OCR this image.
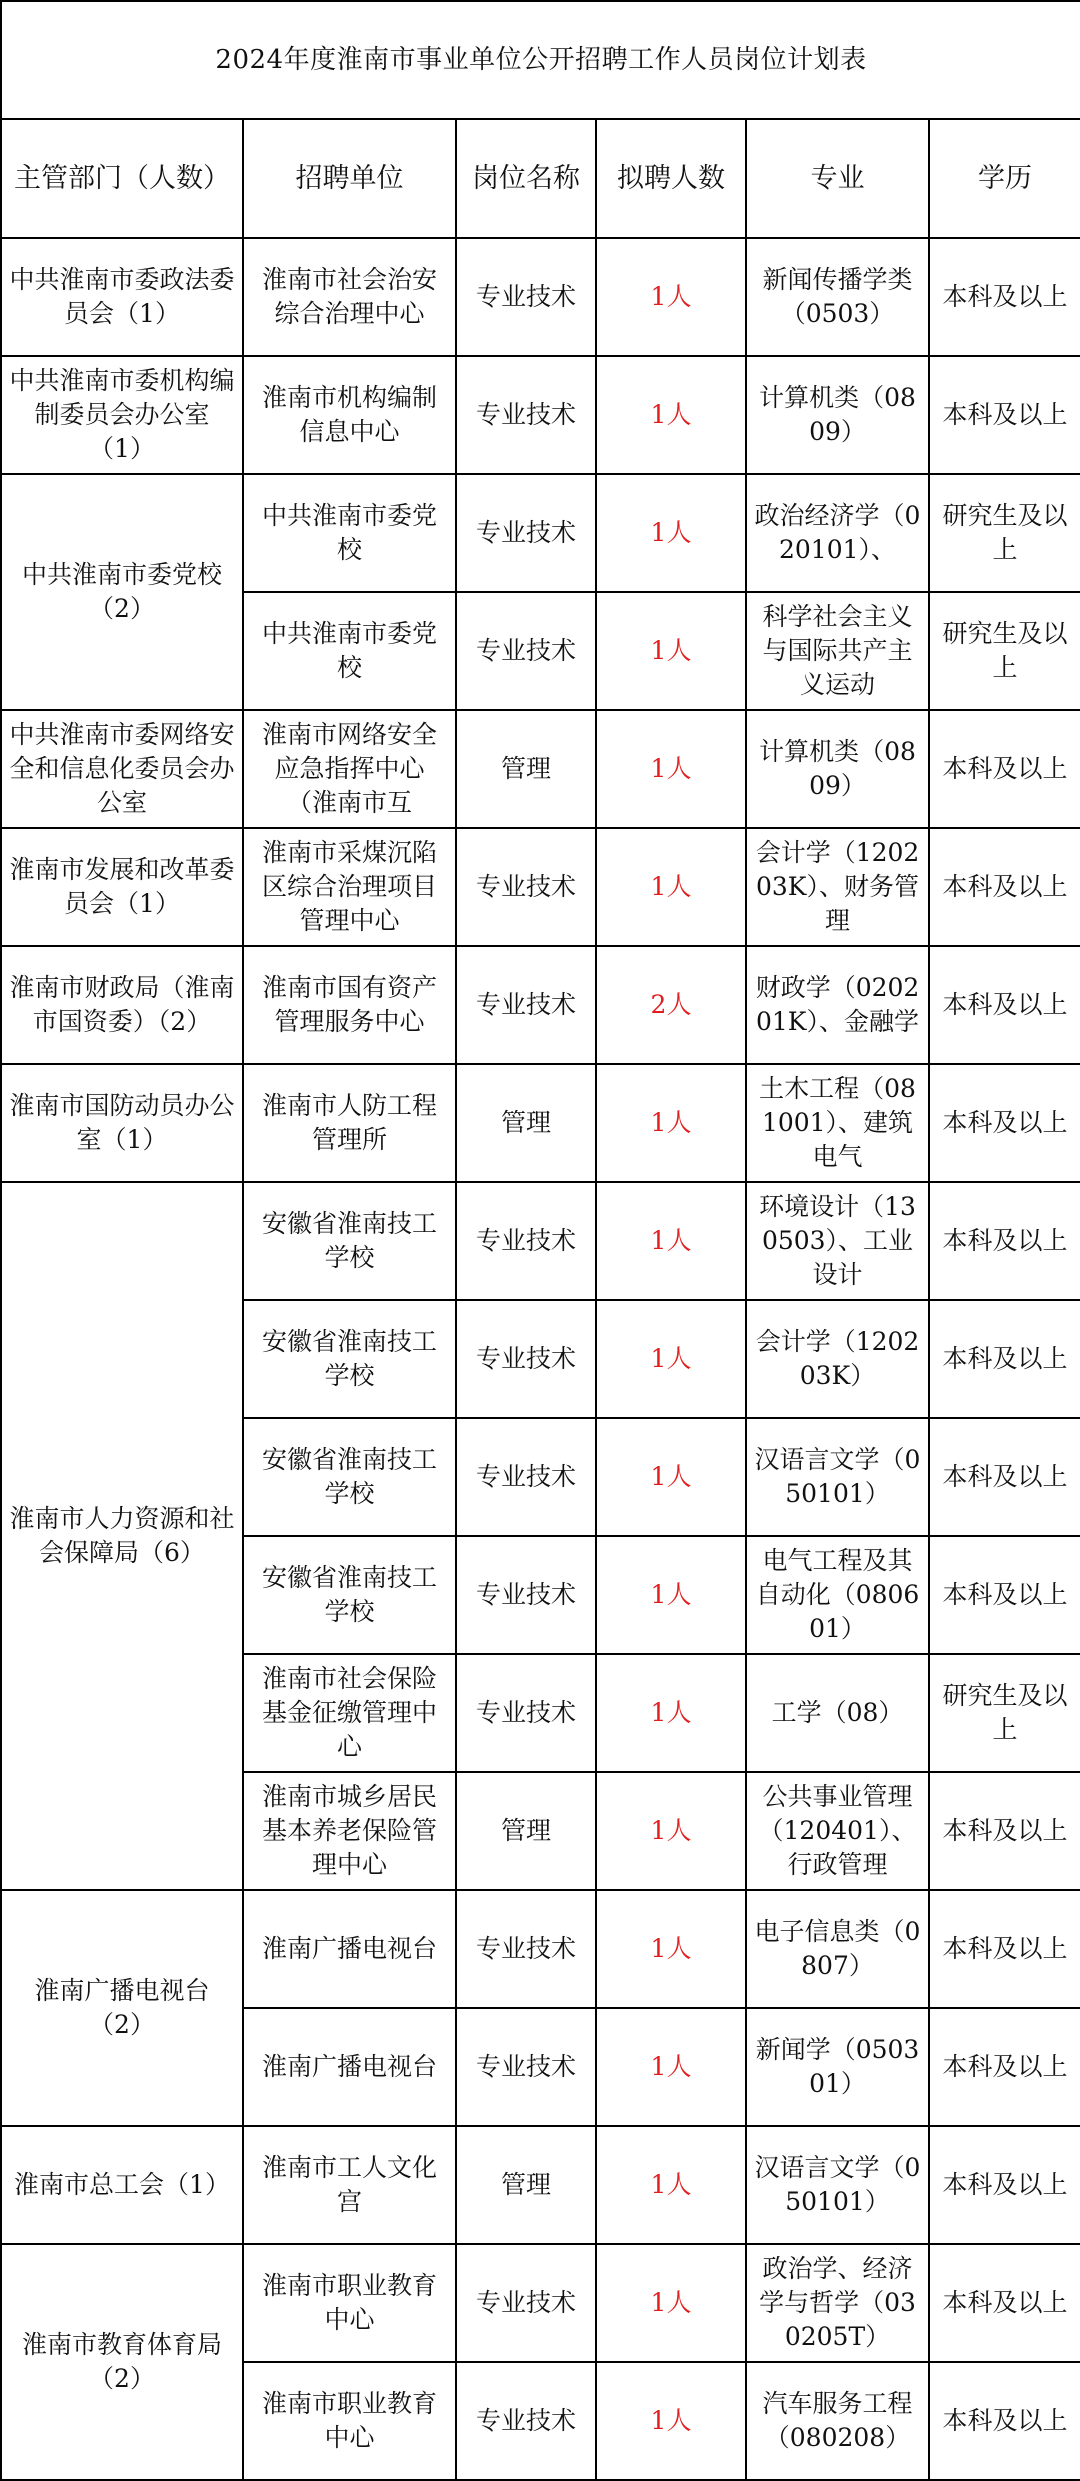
2024年度淮南市事业单位公开招聘工作人员岗位计划表					
主管部门（人数）	招聘单位	岗位名称	拟聘人数	专业	学历

中共淮南市委政法委员会（1）	淮南市社会治安综合治理中心	专业技术	1人	新闻传播学类（0503）	本科及以上

中共淮南市委机构编制委员会办公室（1）	淮南市机构编制信息中心	专业技术	1人	计算机类（0809）	本科及以上

中共淮南市委党校（2）	中共淮南市委党校	专业技术	1人	政治经济学（020101）、	研究生及以上

	中共淮南市委党校	专业技术	1人	科学社会主义与国际共产主义运动	研究生及以上

中共淮南市委网络安全和信息化委员会办公室	淮南市网络安全应急指挥中心（淮南市互	管理	1人	计算机类（0809）	本科及以上

淮南市发展和改革委员会（1）	淮南市采煤沉陷区综合治理项目管理中心	专业技术	1人	会计学（120203K）、财务管理	本科及以上

淮南市财政局（淮南市国资委）（2）	淮南市国有资产管理服务中心	专业技术	2人	财政学（020201K）、金融学	本科及以上

淮南市国防动员办公室（1）	淮南市人防工程管理所	管理	1人	土木工程（081001）、建筑电气	本科及以上

淮南市人力资源和社会保障局（6）	安徽省淮南技工学校	专业技术	1人	环境设计（130503）、工业设计	本科及以上

	安徽省淮南技工学校	专业技术	1人	会计学（120203K）	本科及以上

	安徽省淮南技工学校	专业技术	1人	汉语言文学（050101）	本科及以上

	安徽省淮南技工学校	专业技术	1人	电气工程及其自动化（080601）	本科及以上

	淮南市社会保险基金征缴管理中心	专业技术	1人	工学（08）	研究生及以上

	淮南市城乡居民基本养老保险管理中心	管理	1人	公共事业管理（120401）、行政管理	本科及以上

淮南广播电视台（2）	淮南广播电视台	专业技术	1人	电子信息类（0807）	本科及以上

	淮南广播电视台	专业技术	1人	新闻学（050301）	本科及以上

淮南市总工会（1）	淮南市工人文化宫	管理	1人	汉语言文学（050101）	本科及以上

淮南市教育体育局（2）	淮南市职业教育中心	专业技术	1人	政治学、经济学与哲学（030205T）	本科及以上

	淮南市职业教育中心	专业技术	1人	汽车服务工程（080208）	本科及以上
